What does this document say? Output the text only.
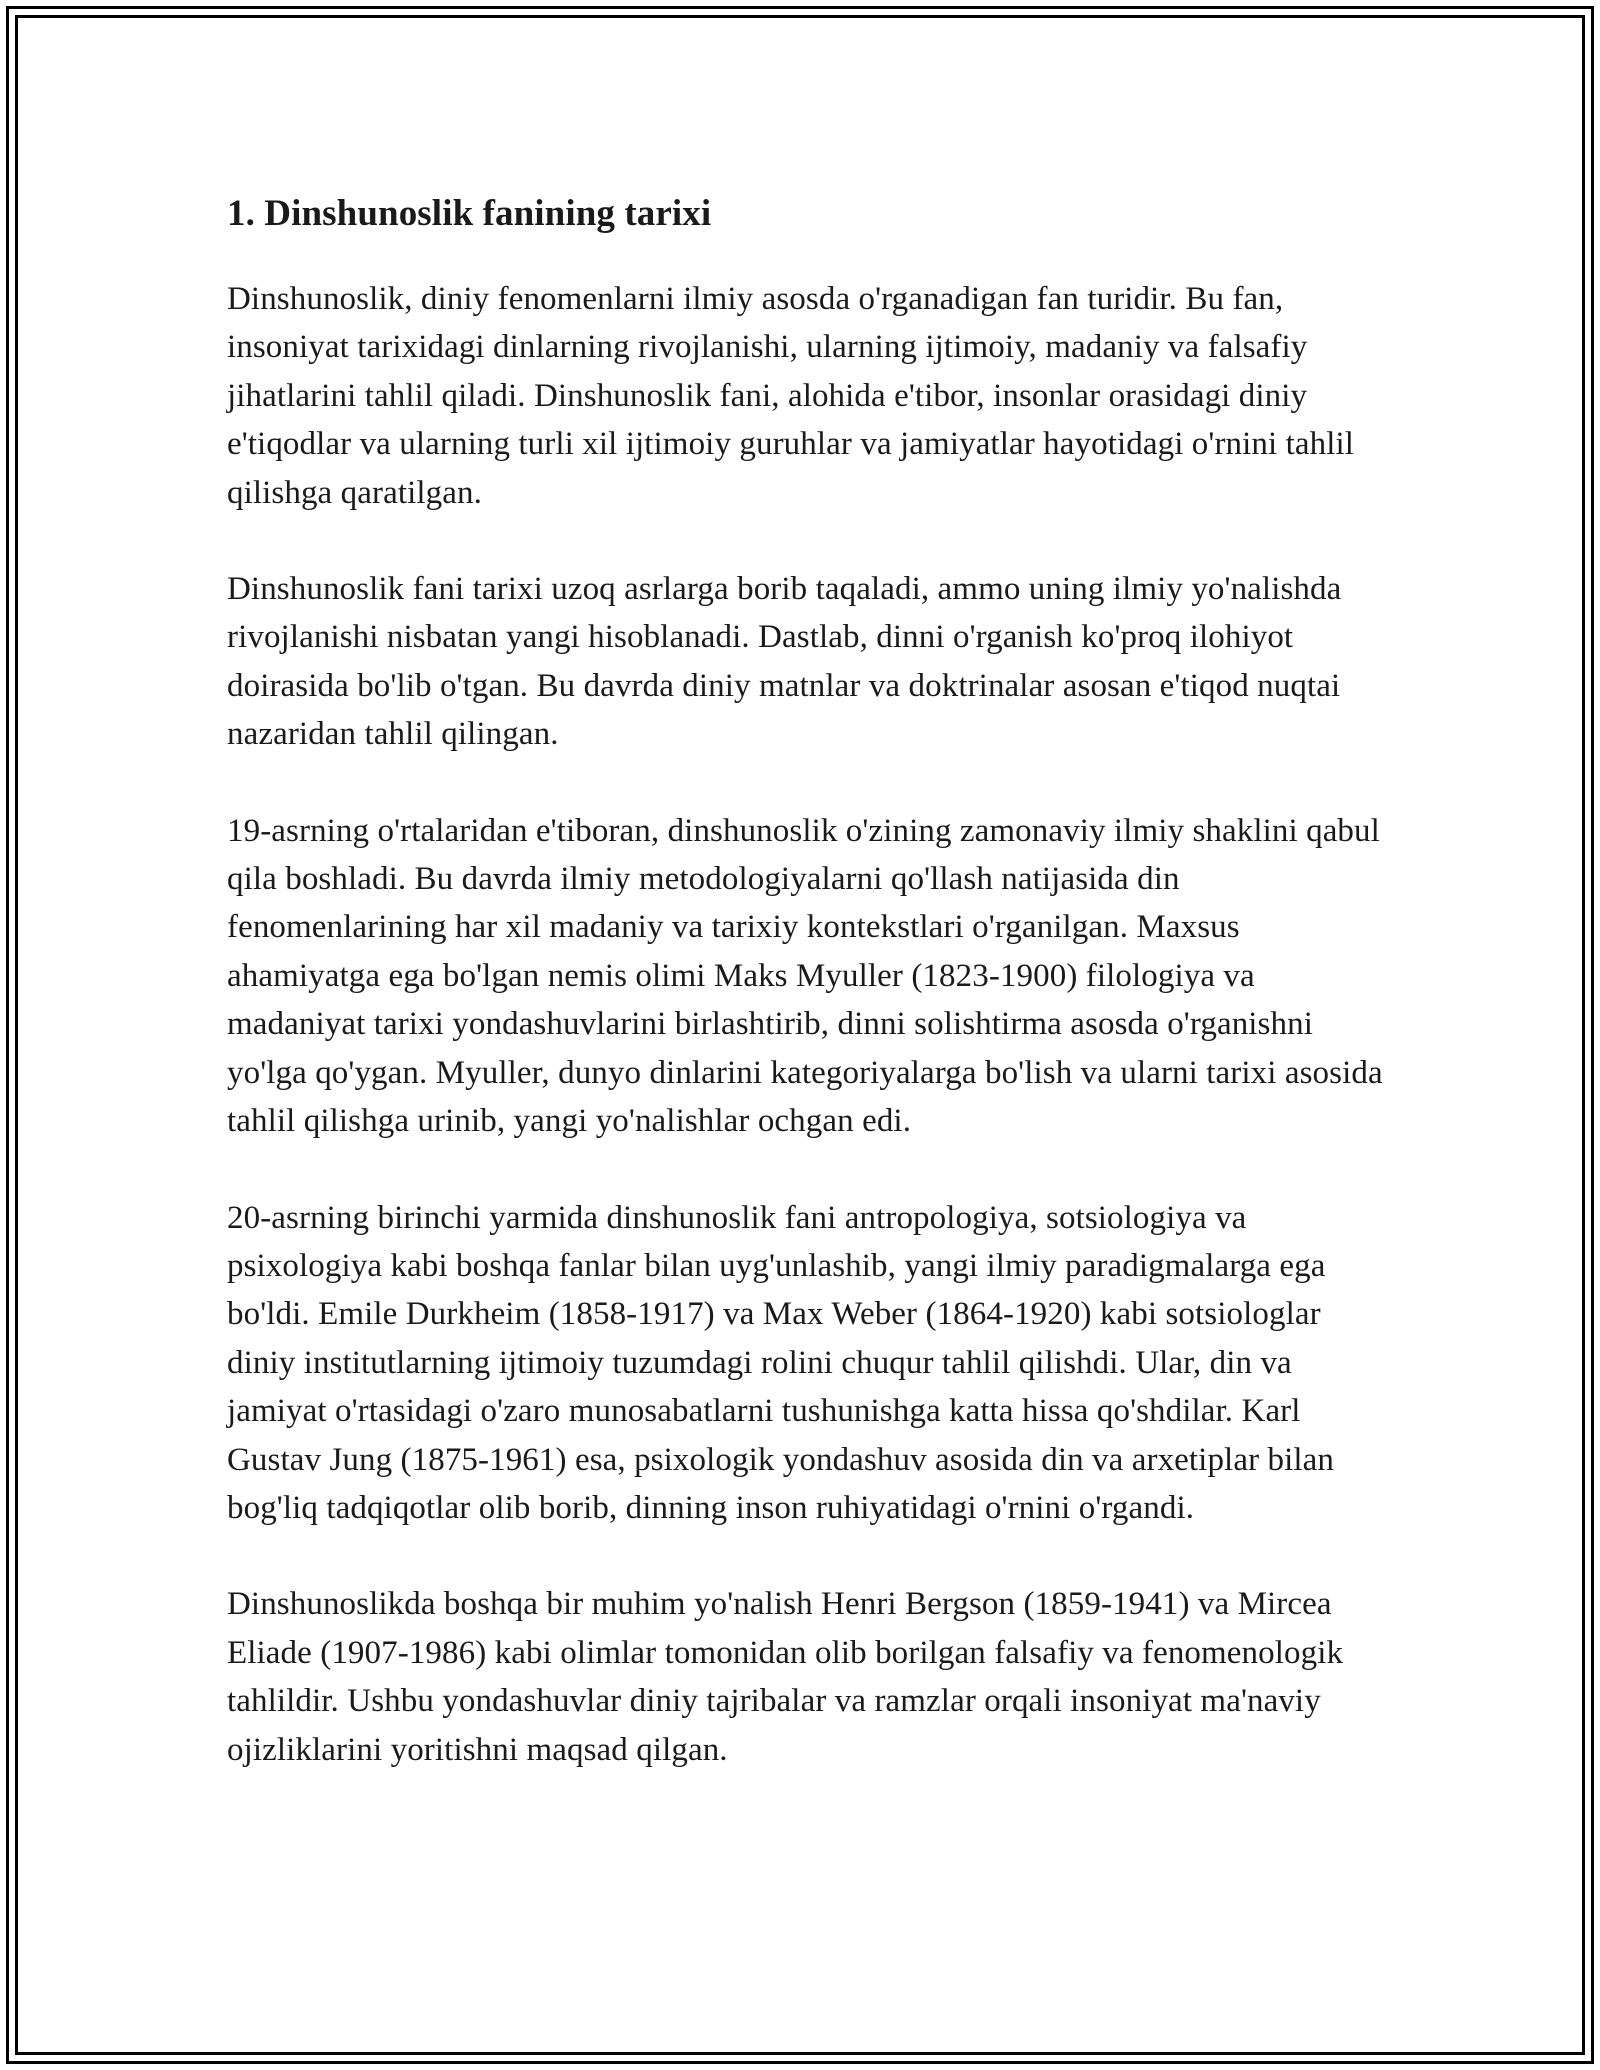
1. Dinshunoslik fanining tarixi

Dinshunoslik, diniy fenomenlarni ilmiy asosda o'rganadigan fan turidir. Bu fan, insoniyat tarixidagi dinlarning rivojlanishi, ularning ijtimoiy, madaniy va falsafiy jihatlarini tahlil qiladi. Dinshunoslik fani, alohida e'tibor, insonlar orasidagi diniy e'tiqodlar va ularning turli xil ijtimoiy guruhlar va jamiyatlar hayotidagi o'rnini tahlil qilishga qaratilgan.

Dinshunoslik fani tarixi uzoq asrlarga borib taqaladi, ammo uning ilmiy yo'nalishda rivojlanishi nisbatan yangi hisoblanadi. Dastlab, dinni o'rganish ko'proq ilohiyot doirasida bo'lib o'tgan. Bu davrda diniy matnlar va doktrinalar asosan e'tiqod nuqtai nazaridan tahlil qilingan.

19-asrning o'rtalaridan e'tiboran, dinshunoslik o'zining zamonaviy ilmiy shaklini qabul qila boshladi. Bu davrda ilmiy metodologiyalarni qo'llash natijasida din fenomenlarining har xil madaniy va tarixiy kontekstlari o'rganilgan. Maxsus ahamiyatga ega bo'lgan nemis olimi Maks Myuller (1823-1900) filologiya va madaniyat tarixi yondashuvlarini birlashtirib, dinni solishtirma asosda o'rganishni yo'lga qo'ygan. Myuller, dunyo dinlarini kategoriyalarga bo'lish va ularni tarixi asosida tahlil qilishga urinib, yangi yo'nalishlar ochgan edi.

20-asrning birinchi yarmida dinshunoslik fani antropologiya, sotsiologiya va psixologiya kabi boshqa fanlar bilan uyg'unlashib, yangi ilmiy paradigmalarga ega bo'ldi. Emile Durkheim (1858-1917) va Max Weber (1864-1920) kabi sotsiologlar diniy institutlarning ijtimoiy tuzumdagi rolini chuqur tahlil qilishdi. Ular, din va jamiyat o'rtasidagi o'zaro munosabatlarni tushunishga katta hissa qo'shdilar. Karl Gustav Jung (1875-1961) esa, psixologik yondashuv asosida din va arxetiplar bilan bog'liq tadqiqotlar olib borib, dinning inson ruhiyatidagi o'rnini o'rgandi.

Dinshunoslikda boshqa bir muhim yo'nalish Henri Bergson (1859-1941) va Mircea Eliade (1907-1986) kabi olimlar tomonidan olib borilgan falsafiy va fenomenologik tahlildir. Ushbu yondashuvlar diniy tajribalar va ramzlar orqali insoniyat ma'naviy ojizliklarini yoritishni maqsad qilgan.
